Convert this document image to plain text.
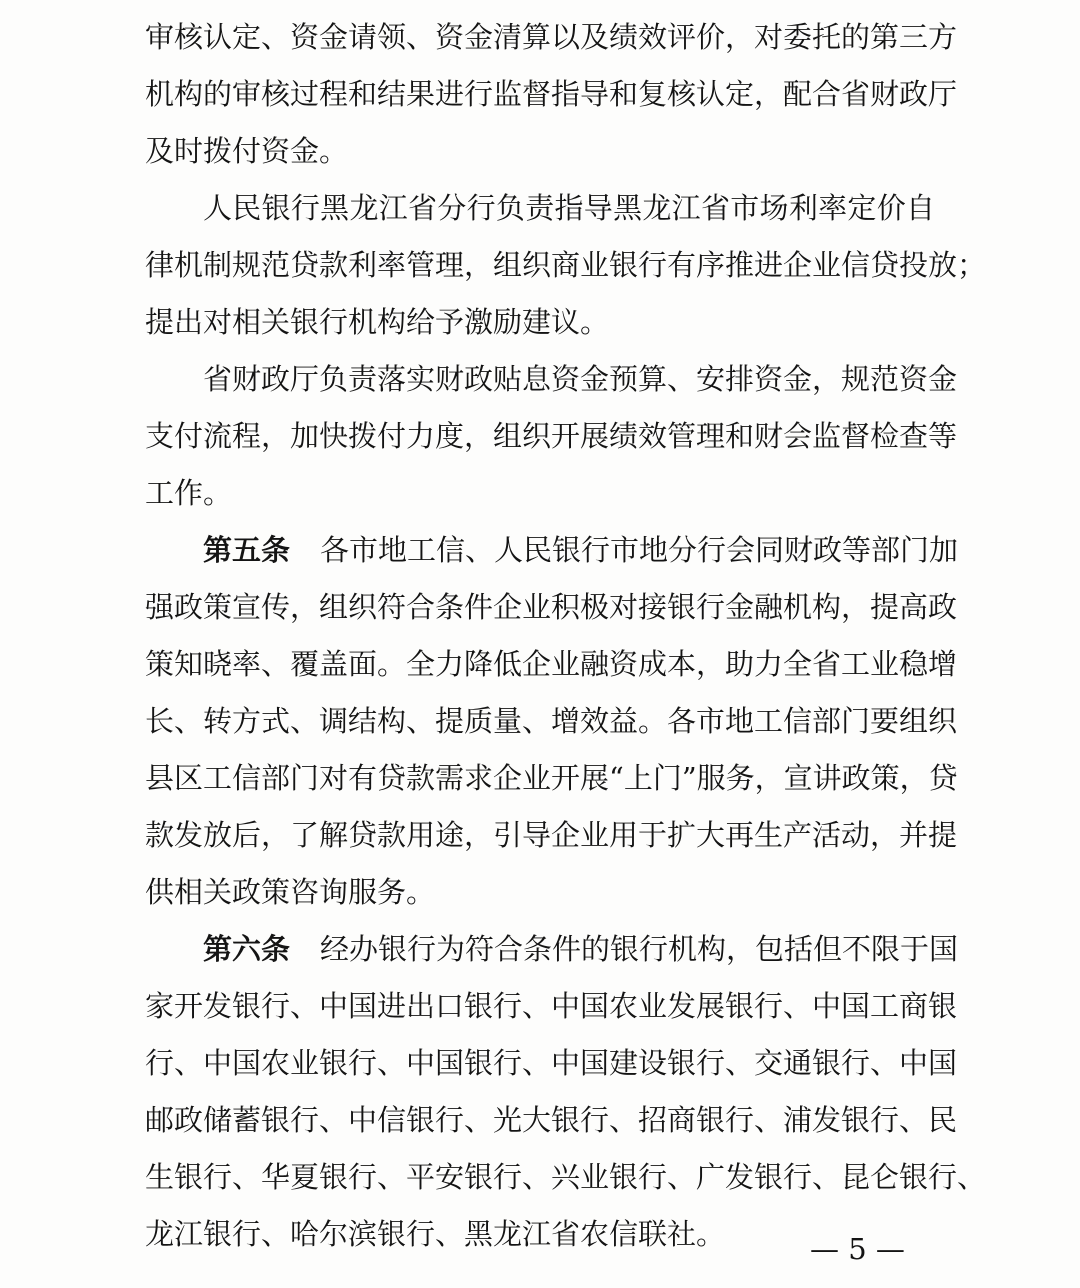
审核认定、资金请领、资金清算以及绩效评价，对委托的第三方
机构的审核过程和结果进行监督指导和复核认定，配合省财政厅
及时拨付资金。
人民银行黑龙江省分行负责指导黑龙江省市场利率定价自
律机制规范贷款利率管理，组织商业银行有序推进企业信贷投放；
提出对相关银行机构给予激励建议。
省财政厅负责落实财政贴息资金预算、安排资金，规范资金
支付流程，加快拨付力度，组织开展绩效管理和财会监督检查等
工作。
第五条 各市地工信、人民银行市地分行会同财政等部门加
强政策宣传，组织符合条件企业积极对接银行金融机构，提高政
策知晓率、覆盖面。全力降低企业融资成本，助力全省工业稳增
长、转方式、调结构、提质量、增效益。各市地工信部门要组织
县区工信部门对有贷款需求企业开展“上门”服务，宣讲政策，贷
款发放后，了解贷款用途，引导企业用于扩大再生产活动，并提
供相关政策咨询服务。
第六条 经办银行为符合条件的银行机构，包括但不限于国
家开发银行、中国进出口银行、中国农业发展银行、中国工商银
行、中国农业银行、中国银行、中国建设银行、交通银行、中国
邮政储蓄银行、中信银行、光大银行、招商银行、浦发银行、民
生银行、华夏银行、平安银行、兴业银行、广发银行、昆仑银行、
龙江银行、哈尔滨银行、黑龙江省农信联社。	— 5 —
